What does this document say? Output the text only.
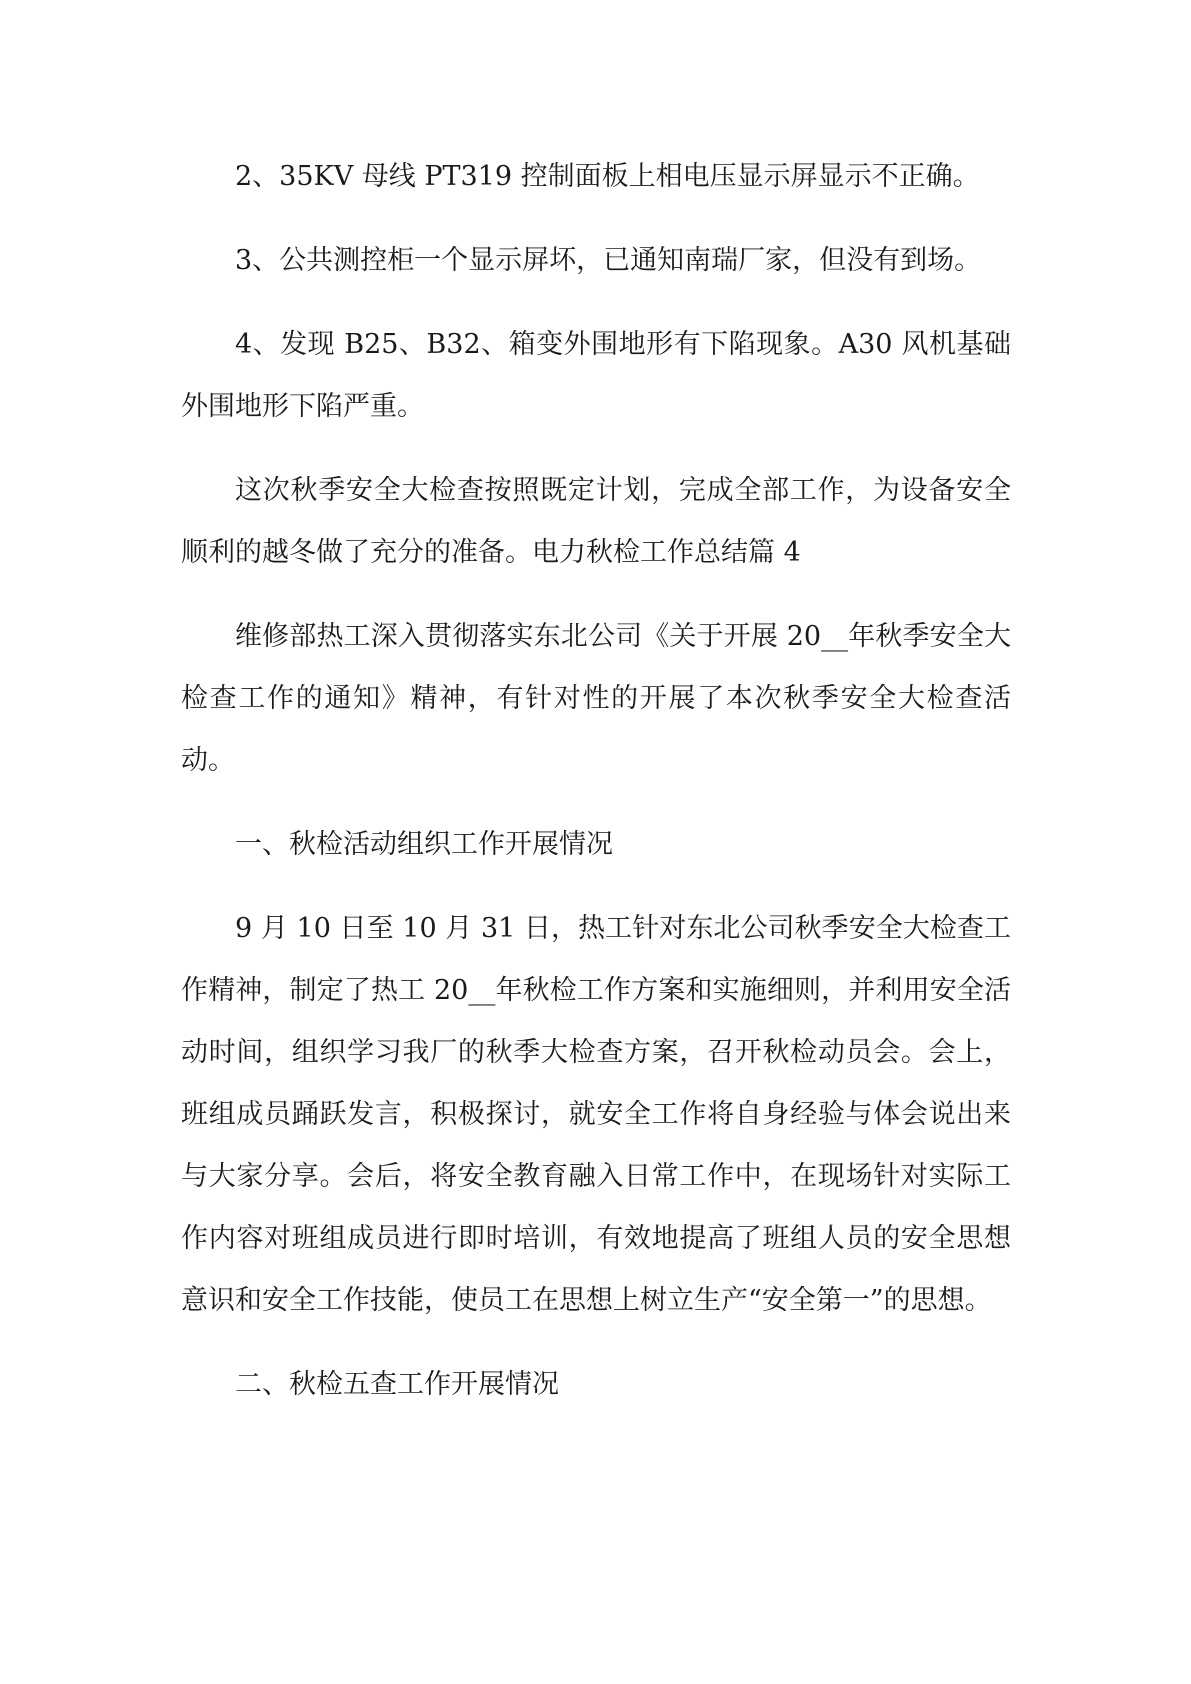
2、35KV 母线 PT319 控制面板上相电压显示屏显示不正确。

3、公共测控柜一个显示屏坏，已通知南瑞厂家，但没有到场。

4、发现 B25、B32、箱变外围地形有下陷现象。A30 风机基础外围地形下陷严重。

这次秋季安全大检查按照既定计划，完成全部工作，为设备安全顺利的越冬做了充分的准备。电力秋检工作总结篇 4

维修部热工深入贯彻落实东北公司《关于开展 20__年秋季安全大检查工作的通知》精神，有针对性的开展了本次秋季安全大检查活动。

一、秋检活动组织工作开展情况

9 月 10 日至 10 月 31 日，热工针对东北公司秋季安全大检查工作精神，制定了热工 20__年秋检工作方案和实施细则，并利用安全活动时间，组织学习我厂的秋季大检查方案，召开秋检动员会。会上，班组成员踊跃发言，积极探讨，就安全工作将自身经验与体会说出来与大家分享。会后，将安全教育融入日常工作中，在现场针对实际工作内容对班组成员进行即时培训，有效地提高了班组人员的安全思想意识和安全工作技能，使员工在思想上树立生产“安全第一”的思想。

二、秋检五查工作开展情况
